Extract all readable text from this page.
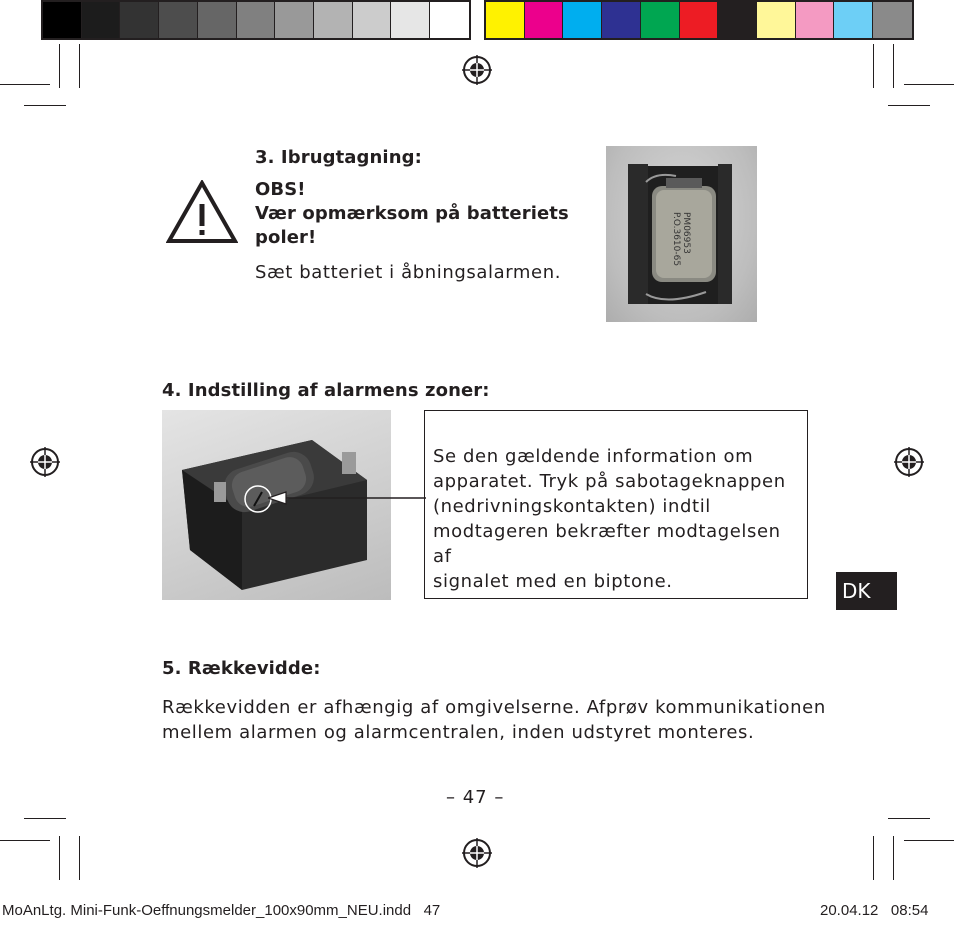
3. Ibrugtagning:
OBS!
Vær opmærksom på batteriets
poler!
Sæt batteriet i åbningsalarmen.
PM06953
P.O.3610-65
4. Indstilling af alarmens zoner:
Se den gældende information om
apparatet. Tryk på sabotageknappen
(nedrivningskontakten) indtil
modtageren bekræfter modtagelsen af
signalet med en biptone.	DK
5. Rækkevidde:
Rækkevidden er afhængig af omgivelserne. Afprøv kommunikationen
mellem alarmen og alarmcentralen, inden udstyret monteres.
– 47 –
MoAnLtg. Mini-Funk-Oeffnungsmelder_100x90mm_NEU.indd   47	20.04.12   08:54
